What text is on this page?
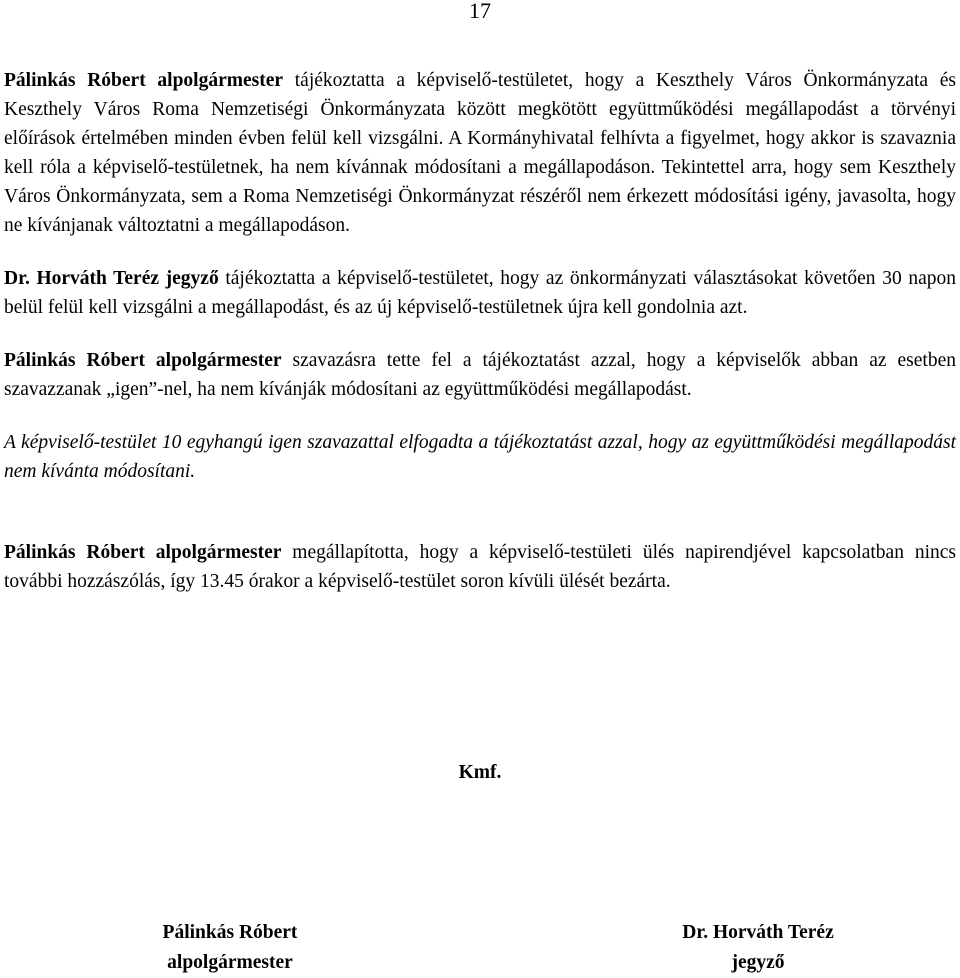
17

Pálinkás Róbert alpolgármester tájékoztatta a képviselő-testületet, hogy a Keszthely Város Önkormányzata és Keszthely Város Roma Nemzetiségi Önkormányzata között megkötött együttműködési megállapodást a törvényi előírások értelmében minden évben felül kell vizsgálni. A Kormányhivatal felhívta a figyelmet, hogy akkor is szavaznia kell róla a képviselő-testületnek, ha nem kívánnak módosítani a megállapodáson. Tekintettel arra, hogy sem Keszthely Város Önkormányzata, sem a Roma Nemzetiségi Önkormányzat részéről nem érkezett módosítási igény, javasolta, hogy ne kívánjanak változtatni a megállapodáson.

Dr. Horváth Teréz jegyző tájékoztatta a képviselő-testületet, hogy az önkormányzati választásokat követően 30 napon belül felül kell vizsgálni a megállapodást, és az új képviselő-testületnek újra kell gondolnia azt.

Pálinkás Róbert alpolgármester szavazásra tette fel a tájékoztatást azzal, hogy a képviselők abban az esetben szavazzanak „igen”-nel, ha nem kívánják módosítani az együttműködési megállapodást.

A képviselő-testület 10 egyhangú igen szavazattal elfogadta a tájékoztatást azzal, hogy az együttműködési megállapodást nem kívánta módosítani.

Pálinkás Róbert alpolgármester megállapította, hogy a képviselő-testületi ülés napirendjével kapcsolatban nincs további hozzászólás, így 13.45 órakor a képviselő-testület soron kívüli ülését bezárta.

Kmf.
Pálinkás Róbert
alpolgármester
Dr. Horváth Teréz
jegyző
